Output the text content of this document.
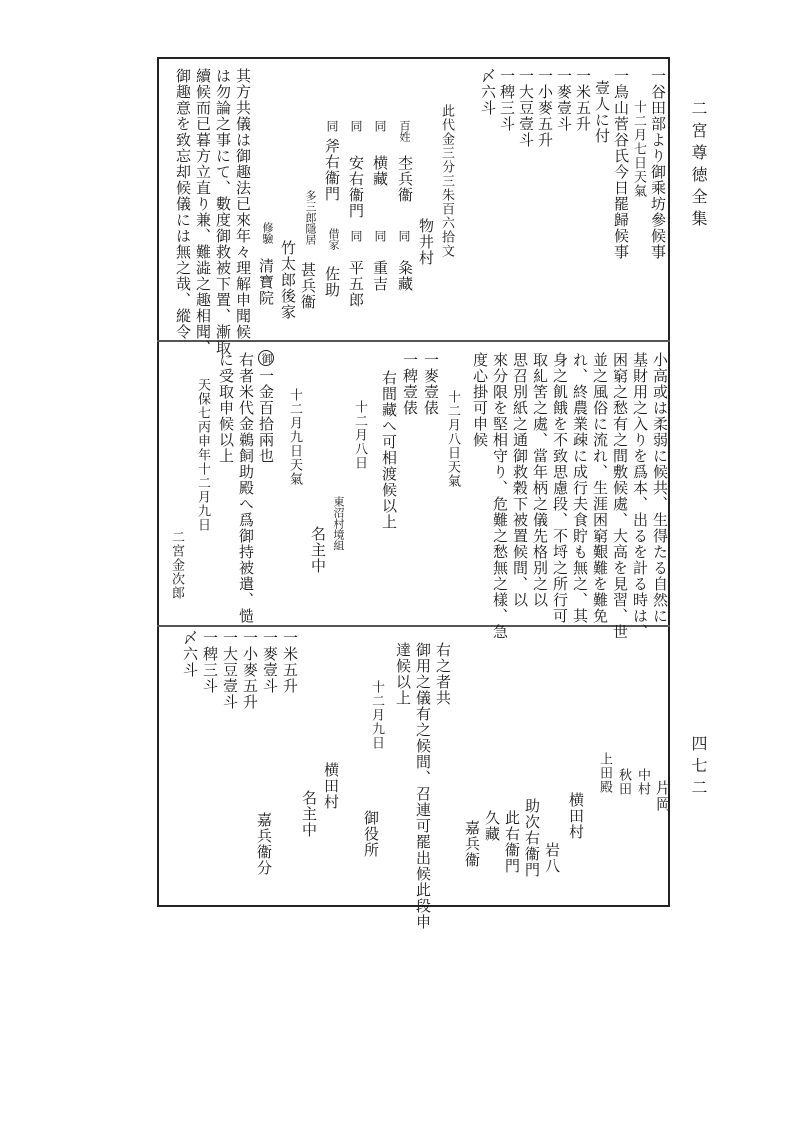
二宮尊徳全集
四七二
一谷田部より御乘坊參候事
十二月七日天氣
一鳥山菅谷氏今日罷歸候事
壹人に付
一米五升
一麥壹斗
一小麥五升
一大豆壹斗
一稗三斗
〆六斗
此代金三分三朱百六拾文
物井村
百姓
杢兵衞
同
粂藏
同
横藏
同
重吉
同
安右衞門
同
平五郎
同
斧右衞門
借家
佐助
多三郎隱居
甚兵衞
竹太郎後家
修驗
清寶院
其方共儀は御趣法已來年々理解申聞候
は勿論之事にて、數度御救被下置、漸取
續候而已暮方立直り兼、難澁之趣相聞、
御趣意を致忘却候儀には無之哉、縱令
小高或は柔弱に候共、生得たる自然に
基財用之入りを爲本、出るを計る時は、
困窮之愁有之間敷候處、大高を見習、世
並之風俗に流れ、生涯困窮艱難を難免
れ、終農業疎に成行夫食貯も無之、其
身之飢餓を不致思慮段、不埒之所行可
取糺筈之處、當年柄之儀先格別之以
思召別紙之通御救穀下被置候間、以
來分限を堅相守り、危難之愁無之樣、急
度心掛可申候
十二月八日天氣
一麥壹俵
一稗壹俵
右間藏へ可相渡候以上
十二月八日
東沼村境組
名主中
十二月九日天氣
御
一金百拾兩也
右者米代金鵜飼助殿へ爲御持被遣、慥
に受取申候以上
天保七丙申年十二月九日
二宮金次郎
片岡
中村
秋田
上田殿
横田村
岩八
助次右衞門
此右衞門
久藏
嘉兵衞
右之者共
御用之儀有之候間、召連可罷出候此段申
達候以上
十二月九日
御役所
横田村
名主中
一米五升
一麥壹斗
一小麥五升
一大豆壹斗
一稗三斗
〆六斗
嘉兵衞分
